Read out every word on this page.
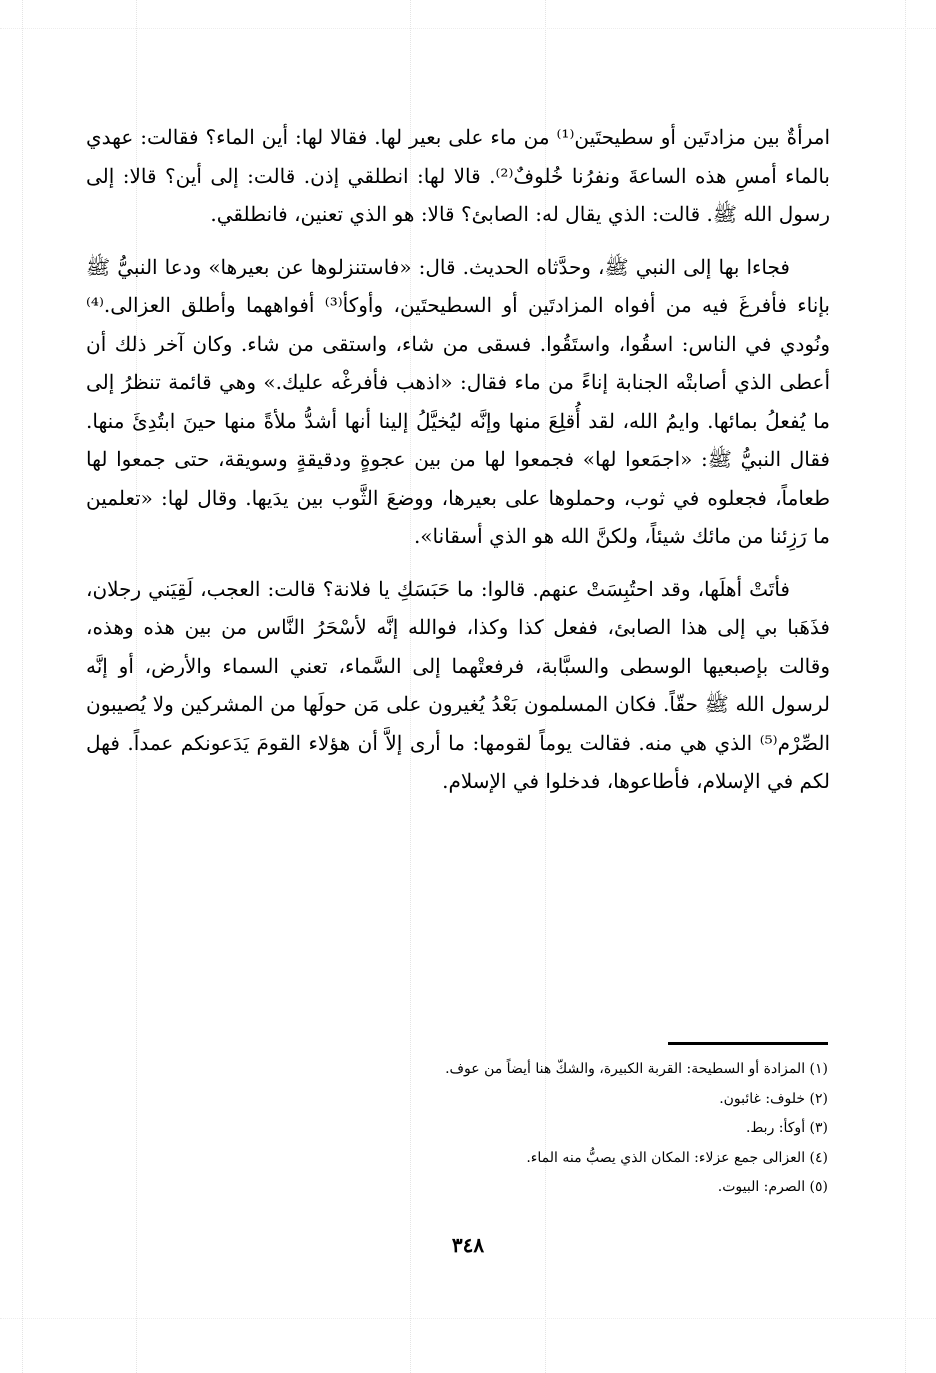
امرأةٌ بين مزادتَين أو سطيحتَين⁽¹⁾ من ماء على بعير لها. فقالا لها: أين الماء؟ فقالت: عهدي بالماء أمسِ هذه الساعةَ ونفرُنا خُلوفٌ⁽²⁾. قالا لها: انطلقي إذن. قالت: إلى أين؟ قالا: إلى رسول الله ﷺ. قالت: الذي يقال له: الصابئ؟ قالا: هو الذي تعنين، فانطلقي.

فجاءا بها إلى النبي ﷺ، وحدَّثاه الحديث. قال: «فاستنزلوها عن بعيرها» ودعا النبيُّ ﷺ بإناء فأفرغَ فيه من أفواه المزادتَين أو السطيحتَين، وأوكأ⁽³⁾ أفواههما وأطلق العزالى.⁽⁴⁾ ونُودي في الناس: اسقُوا، واستَقُوا. فسقى من شاء، واستقى من شاء. وكان آخر ذلك أن أعطى الذي أصابتْه الجنابة إناءً من ماء فقال: «اذهب فأفرغْه عليك.» وهي قائمة تنظرُ إلى ما يُفعلُ بمائها. وايمُ الله، لقد أُقلِعَ منها وإنَّه ليُخيَّلُ إلينا أنها أشدُّ ملأةً منها حينَ ابتُدِئَ منها. فقال النبيُّ ﷺ: «اجمَعوا لها» فجمعوا لها من بين عجوةٍ ودقيقةٍ وسويقة، حتى جمعوا لها طعاماً، فجعلوه في ثوب، وحملوها على بعيرها، ووضعَ الثَّوب بين يدَيها. وقال لها: «تعلمين ما رَزِئنا من مائك شيئاً، ولكنَّ الله هو الذي أسقانا».

فأتَتْ أهلَها، وقد احتُبِسَتْ عنهم. قالوا: ما حَبَسَكِ يا فلانة؟ قالت: العجب، لَقِيَني رجلان، فذَهَبا بي إلى هذا الصابئ، ففعل كذا وكذا، فوالله إنَّه لأسْحَرُ النَّاس من بين هذه وهذه، وقالت بإصبعيها الوسطى والسبَّابة، فرفعتْهما إلى السَّماء، تعني السماء والأرض، أو إنَّه لرسول الله ﷺ حقّاً. فكان المسلمون بَعْدُ يُغيرون على مَن حولَها من المشركين ولا يُصيبون الصِّرْم⁽⁵⁾ الذي هي منه. فقالت يوماً لقومها: ما أرى إلاَّ أن هؤلاء القومَ يَدَعونكم عمداً. فهل لكم في الإسلام، فأطاعوها، فدخلوا في الإسلام.

(١) المزادة أو السطيحة: القربة الكبيرة، والشكّ هنا أيضاً من عوف.

(٢) خلوف: غائبون.

(٣) أوكأ: ربط.

(٤) العزالى جمع عزلاء: المكان الذي يصبُّ منه الماء.

(٥) الصرم: البيوت.

٣٤٨
